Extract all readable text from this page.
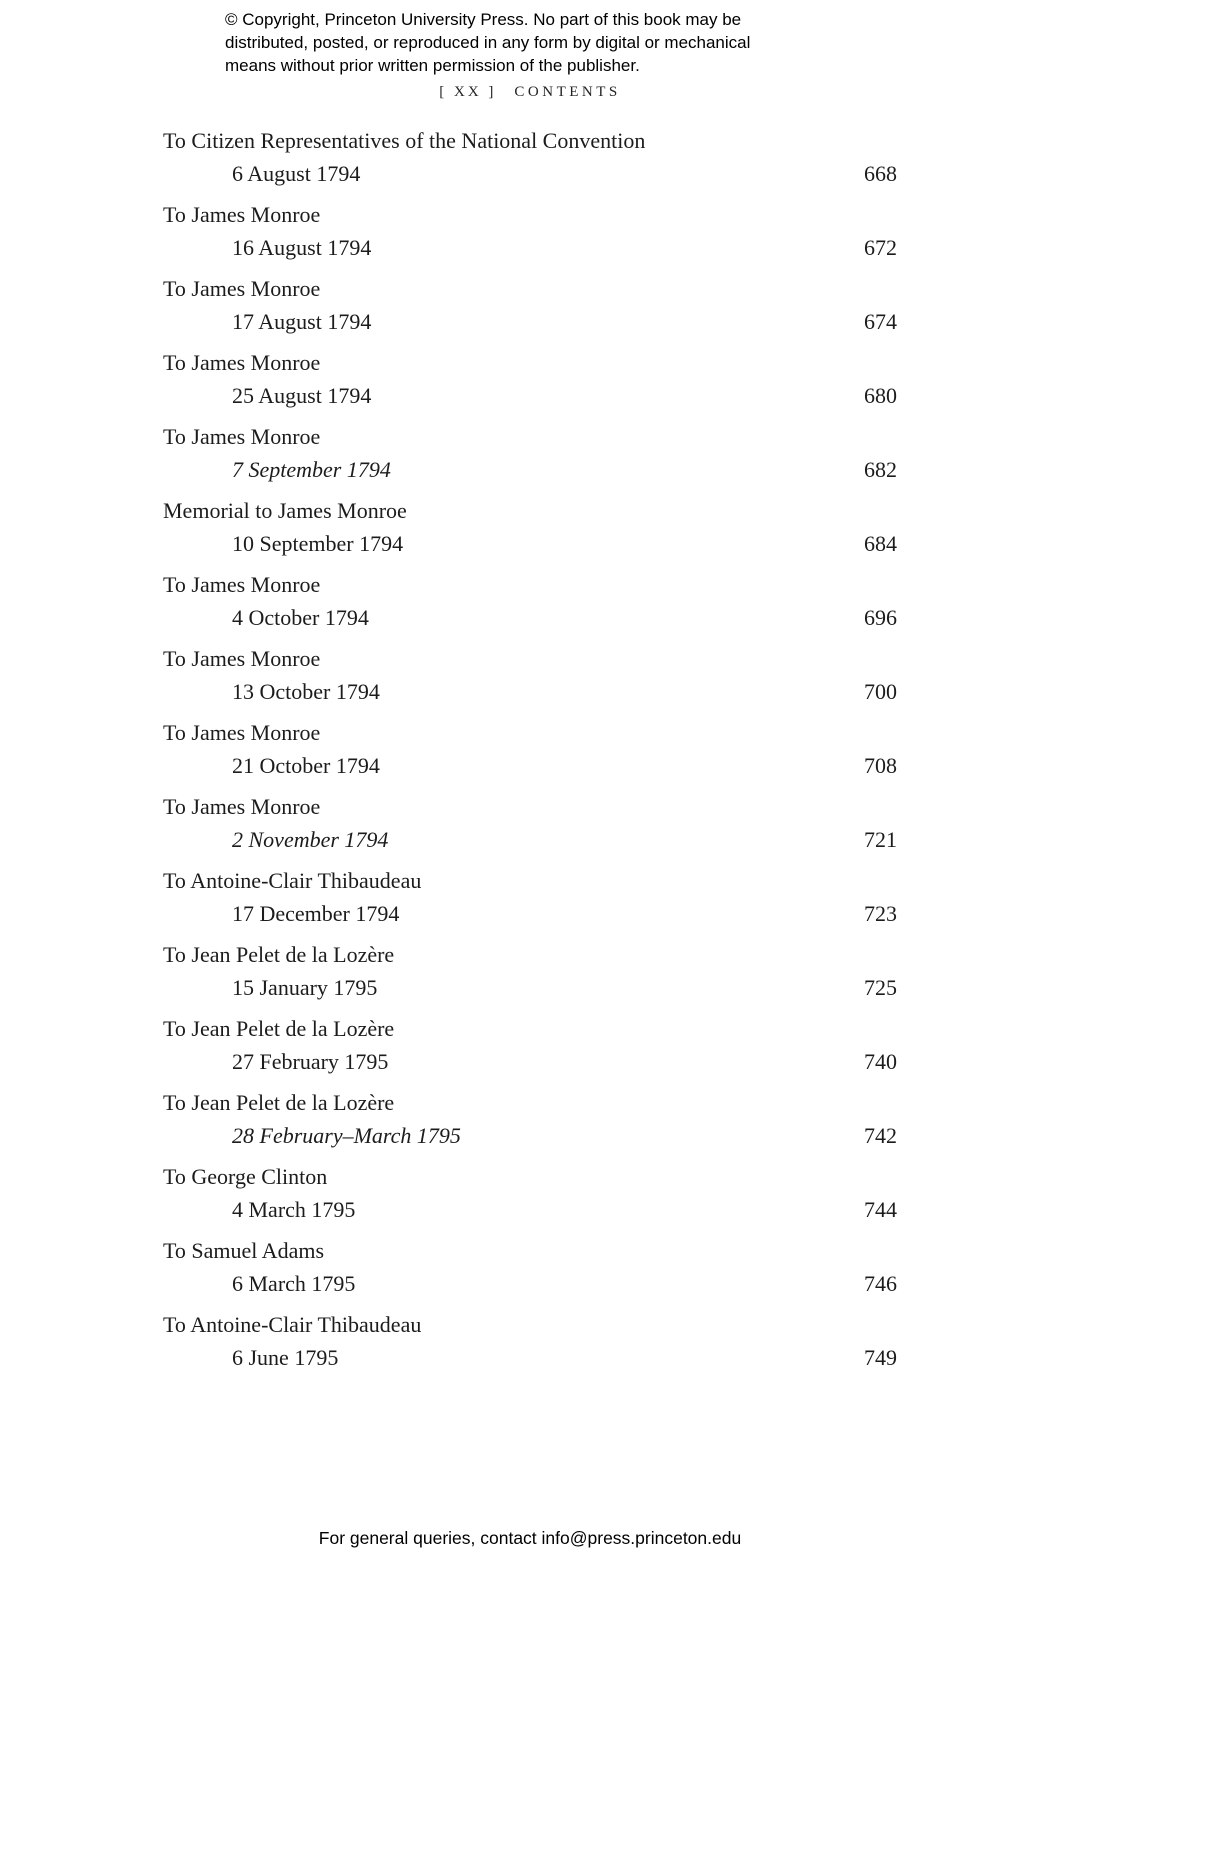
© Copyright, Princeton University Press. No part of this book may be
distributed, posted, or reproduced in any form by digital or mechanical
means without prior written permission of the publisher.
[ XX ] CONTENTS
To Citizen Representatives of the National Convention
6 August 1794	668
To James Monroe
16 August 1794	672
To James Monroe
17 August 1794	674
To James Monroe
25 August 1794	680
To James Monroe
7 September 1794	682
Memorial to James Monroe
10 September 1794	684
To James Monroe
4 October 1794	696
To James Monroe
13 October 1794	700
To James Monroe
21 October 1794	708
To James Monroe
2 November 1794	721
To Antoine-Clair Thibaudeau
17 December 1794	723
To Jean Pelet de la Lozère
15 January 1795	725
To Jean Pelet de la Lozère
27 February 1795	740
To Jean Pelet de la Lozère
28 February–March 1795	742
To George Clinton
4 March 1795	744
To Samuel Adams
6 March 1795	746
To Antoine-Clair Thibaudeau
6 June 1795	749
For general queries, contact info@press.princeton.edu
